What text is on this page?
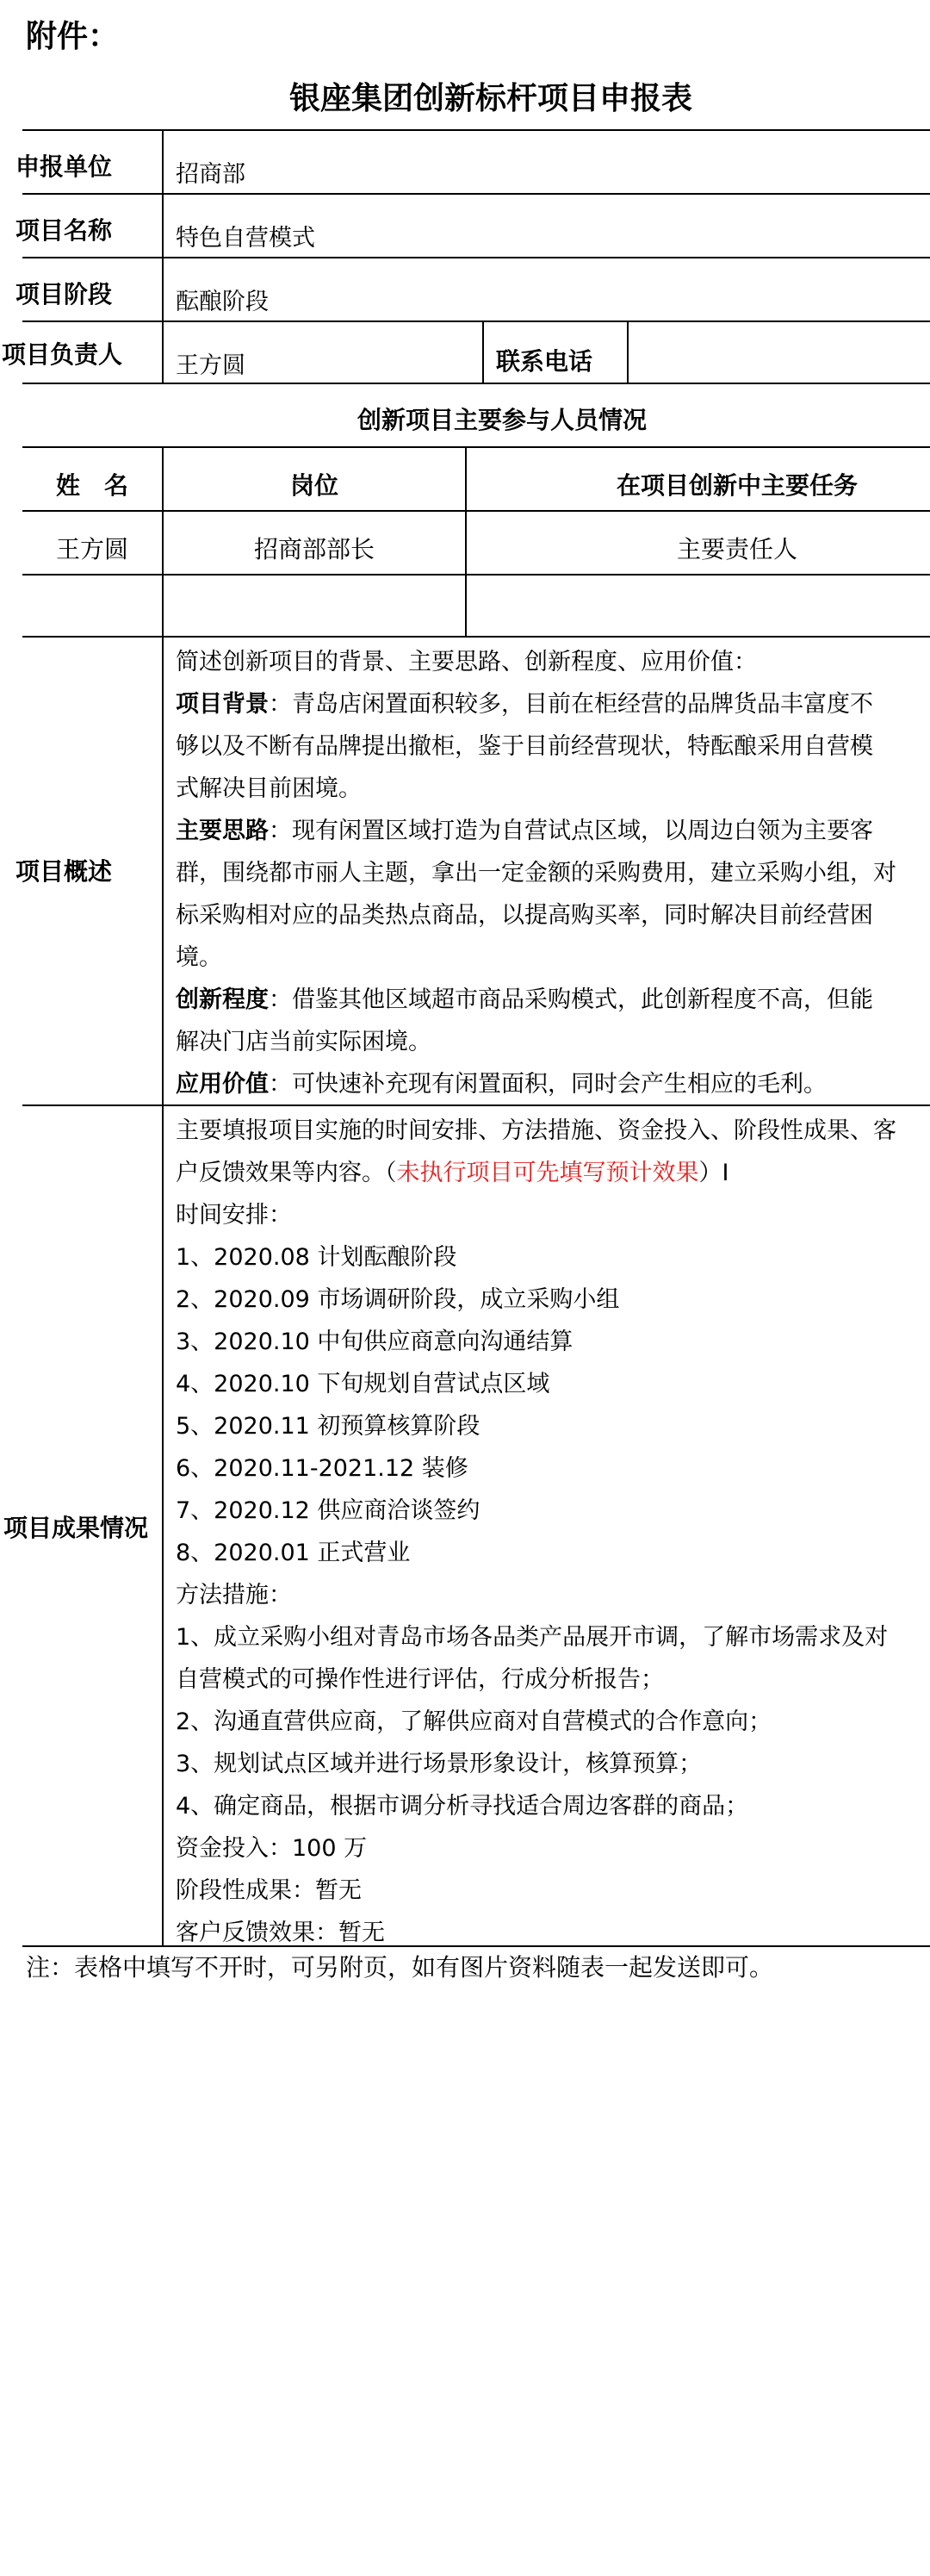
附件：
银座集团创新标杆项目申报表
申报单位	招商部
项目名称	特色自营模式
项目阶段	酝酿阶段
项目负责人 王方圆	联系电话
创新项目主要参与人员情况
姓　名	岗位	在项目创新中主要任务
王方圆	招商部部长	主要责任人
项目概述
简述创新项目的背景、主要思路、创新程度、应用价值：
项目背景：青岛店闲置面积较多，目前在柜经营的品牌货品丰富度不
够以及不断有品牌提出撤柜，鉴于目前经营现状，特酝酿采用自营模
式解决目前困境。
主要思路：现有闲置区域打造为自营试点区域，以周边白领为主要客
群，围绕都市丽人主题，拿出一定金额的采购费用，建立采购小组，对
标采购相对应的品类热点商品，以提高购买率，同时解决目前经营困
境。
创新程度：借鉴其他区域超市商品采购模式，此创新程度不高，但能
解决门店当前实际困境。
应用价值：可快速补充现有闲置面积，同时会产生相应的毛利。
项目成果情况
主要填报项目实施的时间安排、方法措施、资金投入、阶段性成果、客
户反馈效果等内容。（未执行项目可先填写预计效果）I
时间安排：
1、2020.08 计划酝酿阶段
2、2020.09 市场调研阶段，成立采购小组
3、2020.10 中旬供应商意向沟通结算
4、2020.10 下旬规划自营试点区域
5、2020.11 初预算核算阶段
6、2020.11-2021.12 装修
7、2020.12 供应商洽谈签约
8、2020.01 正式营业
方法措施：
1、成立采购小组对青岛市场各品类产品展开市调，了解市场需求及对
自营模式的可操作性进行评估，行成分析报告；
2、沟通直营供应商，了解供应商对自营模式的合作意向；
3、规划试点区域并进行场景形象设计，核算预算；
4、确定商品，根据市调分析寻找适合周边客群的商品；
资金投入：100 万
阶段性成果：暂无
客户反馈效果：暂无
注：表格中填写不开时，可另附页，如有图片资料随表一起发送即可。
